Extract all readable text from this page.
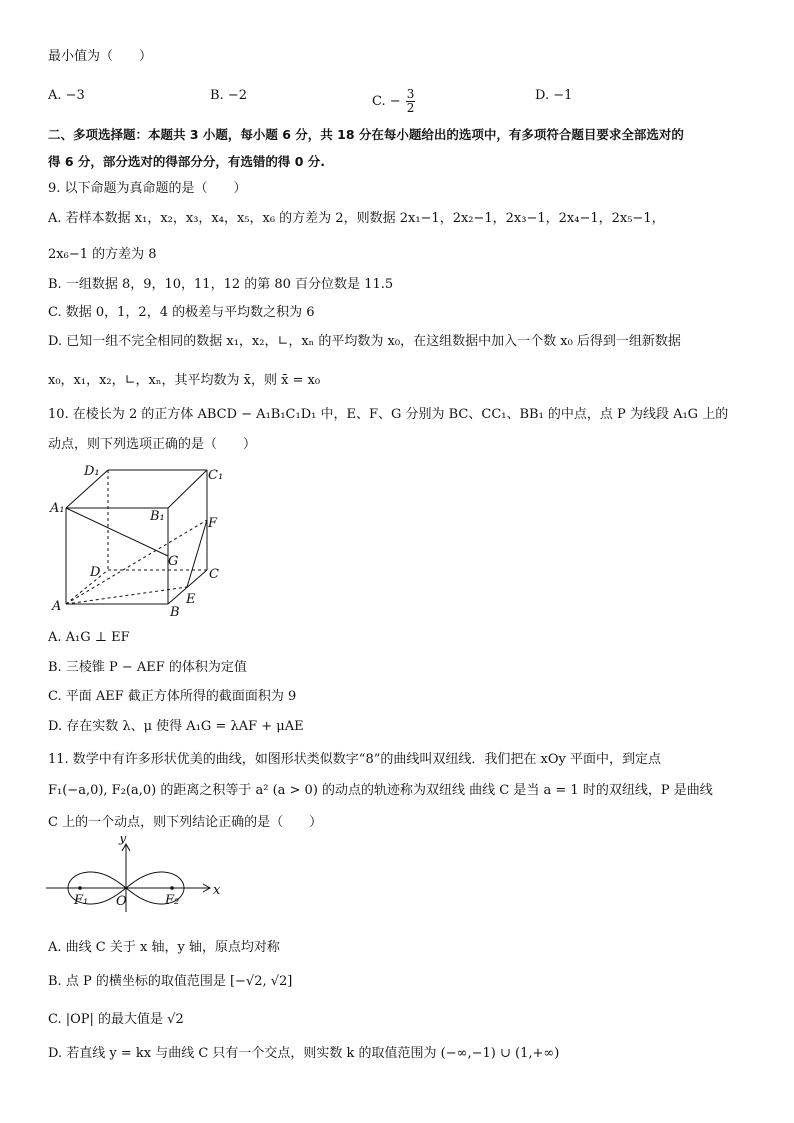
最小值为（　　）
A. −3	B. −2	C. − $\frac{3}{2}$	D. −1
二、多项选择题：本题共 3 小题，每小题 6 分，共 18 分在每小题给出的选项中，有多项符合题目要求全部选对的
得 6 分，部分选对的得部分分，有选错的得 0 分.
9. 以下命题为真命题的是（　　）
A. 若样本数据 x₁，x₂，x₃，x₄，x₅，x₆ 的方差为 2，则数据 2x₁−1，2x₂−1，2x₃−1，2x₄−1，2x₅−1，
2x₆−1 的方差为 8
B. 一组数据 8，9，10，11，12 的第 80 百分位数是 11.5
C. 数据 0，1，2，4 的极差与平均数之积为 6
D. 已知一组不完全相同的数据 x₁，x₂，∟，xₙ 的平均数为 x₀，在这组数据中加入一个数 x₀ 后得到一组新数据
x₀，x₁，x₂，∟，xₙ，其平均数为 x̄，则 x̄ = x₀
10. 在棱长为 2 的正方体 ABCD − A₁B₁C₁D₁ 中，E、F、G 分别为 BC、CC₁、BB₁ 的中点，点 P 为线段 A₁G 上的
动点，则下列选项正确的是（　　）
D₁	C₁
A₁
B₁	F
G
D	C
A	E
B
A. A₁G ⊥ EF
B. 三棱锥 P − AEF 的体积为定值
C. 平面 AEF 截正方体所得的截面面积为 9
D. 存在实数 λ、μ 使得 A₁G = λAF + μAE
11. 数学中有许多形状优美的曲线，如图形状类似数字“8”的曲线叫双纽线．我们把在 xOy 平面中，到定点
F₁(−a,0), F₂(a,0) 的距离之积等于 a² (a > 0) 的动点的轨迹称为双纽线 曲线 C 是当 a = 1 时的双纽线，P 是曲线
C 上的一个动点，则下列结论正确的是（　　）
y
x
O
F₁	F₂
A. 曲线 C 关于 x 轴，y 轴，原点均对称
B. 点 P 的横坐标的取值范围是 [−√2, √2]
C. |OP| 的最大值是 √2
D. 若直线 y = kx 与曲线 C 只有一个交点，则实数 k 的取值范围为 (−∞,−1) ∪ (1,+∞)
